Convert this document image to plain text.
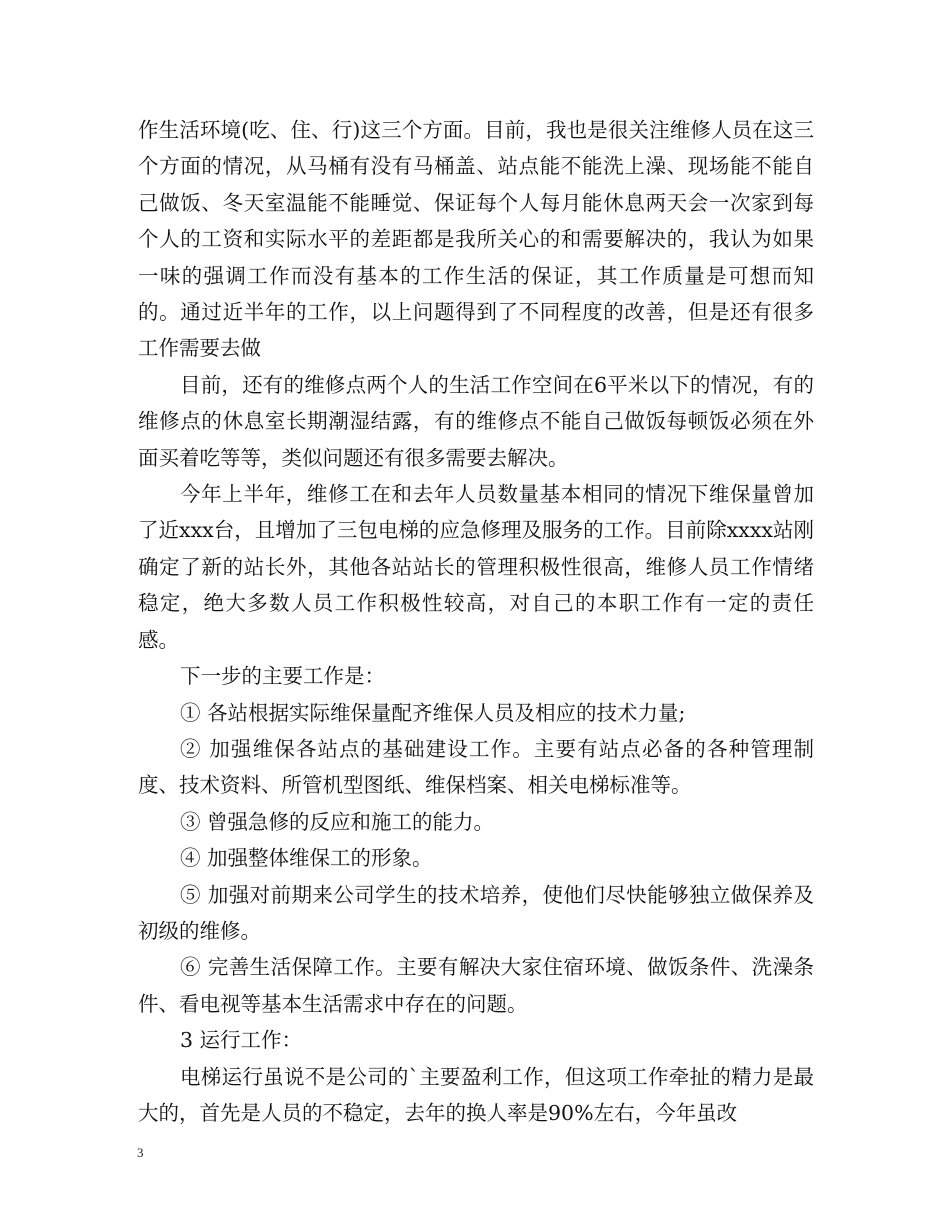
作生活环境(吃、住、行)这三个方面。目前，我也是很关注维修人员在这三个方面的情况，从马桶有没有马桶盖、站点能不能洗上澡、现场能不能自己做饭、冬天室温能不能睡觉、保证每个人每月能休息两天会一次家到每个人的工资和实际水平的差距都是我所关心的和需要解决的，我认为如果一味的强调工作而没有基本的工作生活的保证，其工作质量是可想而知的。通过近半年的工作，以上问题得到了不同程度的改善，但是还有很多工作需要去做

目前，还有的维修点两个人的生活工作空间在6平米以下的情况，有的维修点的休息室长期潮湿结露，有的维修点不能自己做饭每顿饭必须在外面买着吃等等，类似问题还有很多需要去解决。

今年上半年，维修工在和去年人员数量基本相同的情况下维保量曾加了近xxx台，且增加了三包电梯的应急修理及服务的工作。目前除xxxx站刚确定了新的站长外，其他各站站长的管理积极性很高，维修人员工作情绪稳定，绝大多数人员工作积极性较高，对自己的本职工作有一定的责任感。

下一步的主要工作是：

① 各站根据实际维保量配齐维保人员及相应的技术力量;

② 加强维保各站点的基础建设工作。主要有站点必备的各种管理制度、技术资料、所管机型图纸、维保档案、相关电梯标准等。

③ 曾强急修的反应和施工的能力。

④ 加强整体维保工的形象。

⑤ 加强对前期来公司学生的技术培养，使他们尽快能够独立做保养及初级的维修。

⑥ 完善生活保障工作。主要有解决大家住宿环境、做饭条件、洗澡条件、看电视等基本生活需求中存在的问题。

3 运行工作：

电梯运行虽说不是公司的`主要盈利工作，但这项工作牵扯的精力是最大的，首先是人员的不稳定，去年的换人率是90%左右，今年虽改

3
